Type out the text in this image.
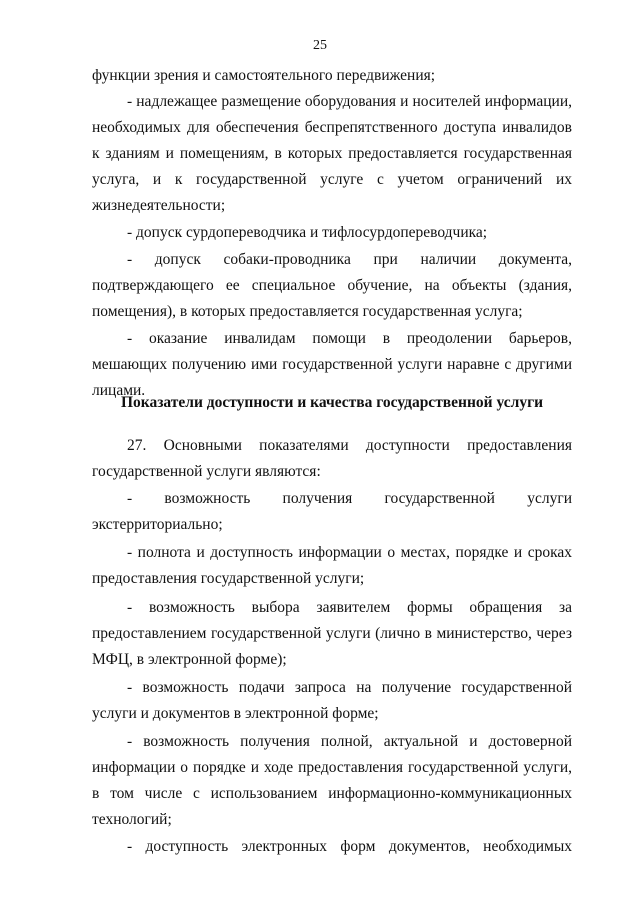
25

функции зрения и самостоятельного передвижения;

- надлежащее размещение оборудования и носителей информации, необходимых для обеспечения беспрепятственного доступа инвалидов к зданиям и помещениям, в которых предоставляется государственная услуга, и к государственной услуге с учетом ограничений их жизнедеятельности;

- допуск сурдопереводчика и тифлосурдопереводчика;

- допуск собаки-проводника при наличии документа, подтверждающего ее специальное обучение, на объекты (здания, помещения), в которых предоставляется государственная услуга;

- оказание инвалидам помощи в преодолении барьеров, мешающих получению ими государственной услуги наравне с другими лицами.

Показатели доступности и качества государственной услуги

27. Основными показателями доступности предоставления государственной услуги являются:

- возможность получения государственной услуги экстерриториально;

- полнота и доступность информации о местах, порядке и сроках предоставления государственной услуги;

- возможность выбора заявителем формы обращения за предоставлением государственной услуги (лично в министерство, через МФЦ, в электронной форме);

- возможность подачи запроса на получение государственной услуги и документов в электронной форме;

- возможность получения полной, актуальной и достоверной информации о порядке и ходе предоставления государственной услуги, в том числе с использованием информационно-коммуникационных технологий;

- доступность электронных форм документов, необходимых
